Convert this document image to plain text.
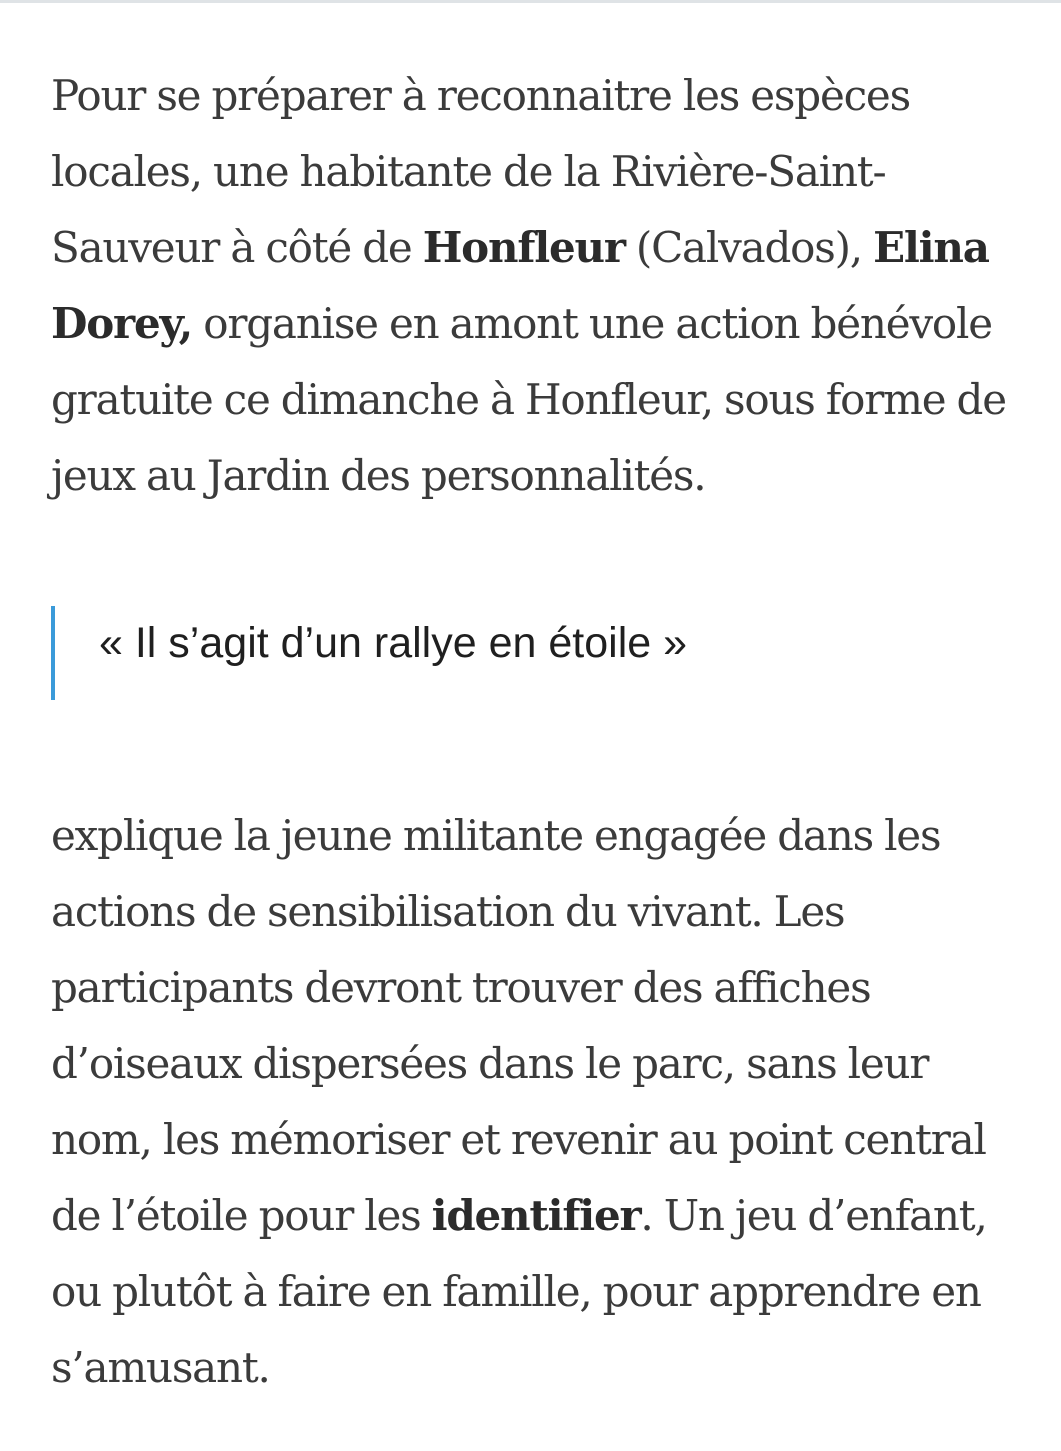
Pour se préparer à reconnaitre les espèces locales, une habitante de la Rivière-Saint-Sauveur à côté de Honfleur (Calvados), Elina Dorey, organise en amont une action bénévole gratuite ce dimanche à Honfleur, sous forme de jeux au Jardin des personnalités.

« Il s’agit d’un rallye en étoile »

explique la jeune militante engagée dans les actions de sensibilisation du vivant. Les participants devront trouver des affiches d’oiseaux dispersées dans le parc, sans leur nom, les mémoriser et revenir au point central de l’étoile pour les identifier. Un jeu d’enfant, ou plutôt à faire en famille, pour apprendre en s’amusant.
